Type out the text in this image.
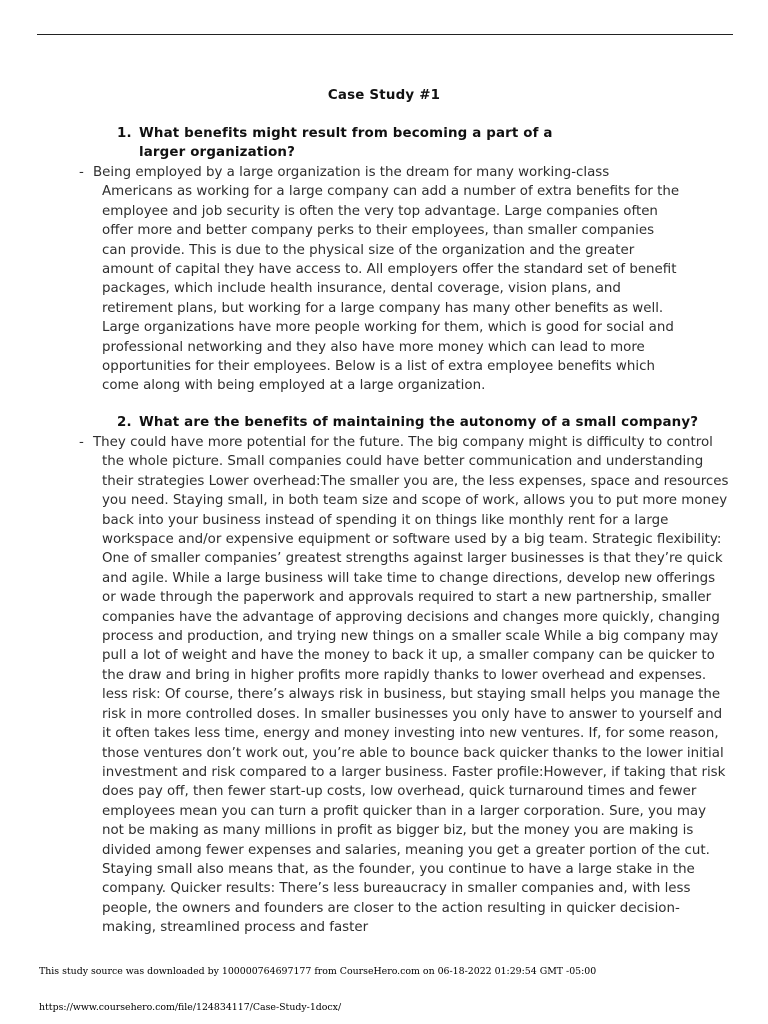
Case Study #1
1. What benefits might result from becoming a part of a larger organization?
- Being employed by a large organization is the dream for many working-class Americans as working for a large company can add a number of extra benefits for the employee and job security is often the very top advantage. Large companies often offer more and better company perks to their employees, than smaller companies can provide. This is due to the physical size of the organization and the greater amount of capital they have access to. All employers offer the standard set of benefit packages, which include health insurance, dental coverage, vision plans, and retirement plans, but working for a large company has many other benefits as well. Large organizations have more people working for them, which is good for social and professional networking and they also have more money which can lead to more opportunities for their employees. Below is a list of extra employee benefits which come along with being employed at a large organization.
2. What are the benefits of maintaining the autonomy of a small company?
- They could have more potential for the future. The big company might is difficulty to control the whole picture. Small companies could have better communication and understanding their strategies Lower overhead:The smaller you are, the less expenses, space and resources you need. Staying small, in both team size and scope of work, allows you to put more money back into your business instead of spending it on things like monthly rent for a large workspace and/or expensive equipment or software used by a big team. Strategic flexibility: One of smaller companies’ greatest strengths against larger businesses is that they’re quick and agile. While a large business will take time to change directions, develop new offerings or wade through the paperwork and approvals required to start a new partnership, smaller companies have the advantage of approving decisions and changes more quickly, changing process and production, and trying new things on a smaller scale While a big company may pull a lot of weight and have the money to back it up, a smaller company can be quicker to the draw and bring in higher profits more rapidly thanks to lower overhead and expenses. less risk: Of course, there’s always risk in business, but staying small helps you manage the risk in more controlled doses. In smaller businesses you only have to answer to yourself and it often takes less time, energy and money investing into new ventures. If, for some reason, those ventures don’t work out, you’re able to bounce back quicker thanks to the lower initial investment and risk compared to a larger business. Faster profile:However, if taking that risk does pay off, then fewer start-up costs, low overhead, quick turnaround times and fewer employees mean you can turn a profit quicker than in a larger corporation. Sure, you may not be making as many millions in profit as bigger biz, but the money you are making is divided among fewer expenses and salaries, meaning you get a greater portion of the cut. Staying small also means that, as the founder, you continue to have a large stake in the company. Quicker results: There’s less bureaucracy in smaller companies and, with less people, the owners and founders are closer to the action resulting in quicker decision-making, streamlined process and faster
This study source was downloaded by 100000764697177 from CourseHero.com on 06-18-2022 01:29:54 GMT -05:00
https://www.coursehero.com/file/124834117/Case-Study-1docx/
